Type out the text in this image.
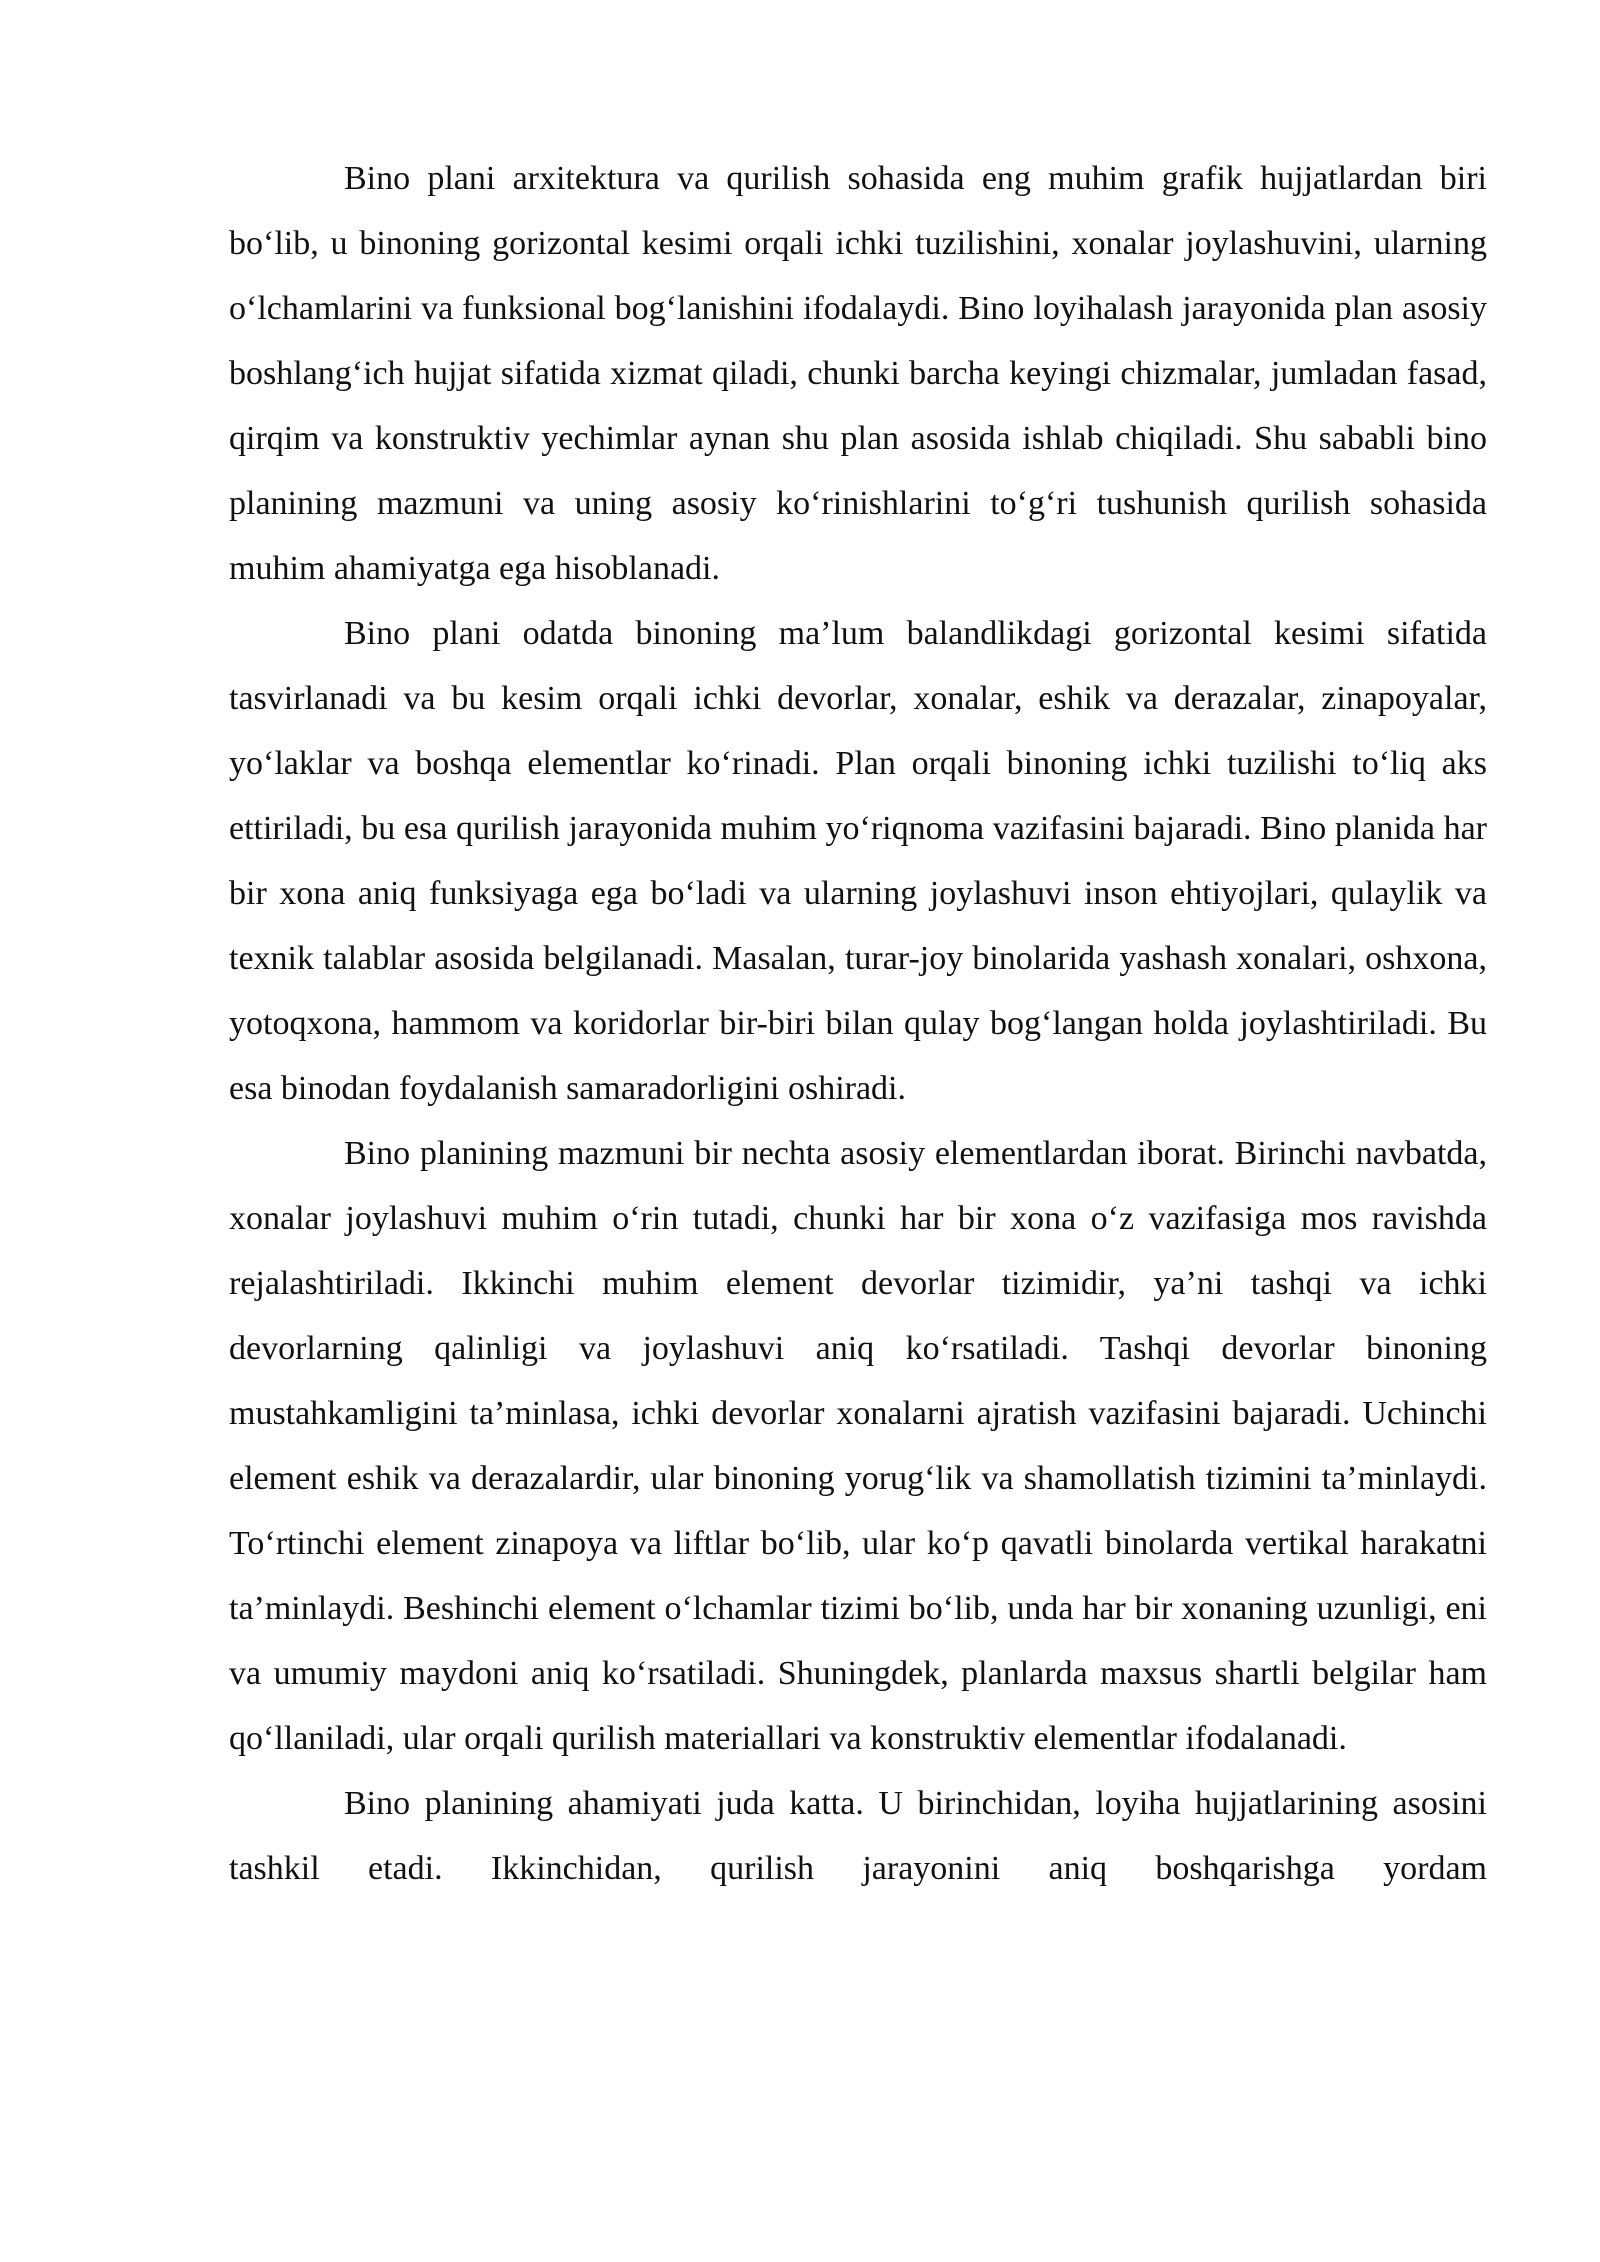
Bino plani arxitektura va qurilish sohasida eng muhim grafik hujjatlardan biri bo‘lib, u binoning gorizontal kesimi orqali ichki tuzilishini, xonalar joylashuvini, ularning o‘lchamlarini va funksional bog‘lanishini ifodalaydi. Bino loyihalash jarayonida plan asosiy boshlang‘ich hujjat sifatida xizmat qiladi, chunki barcha keyingi chizmalar, jumladan fasad, qirqim va konstruktiv yechimlar aynan shu plan asosida ishlab chiqiladi. Shu sababli bino planining mazmuni va uning asosiy ko‘rinishlarini to‘g‘ri tushunish qurilish sohasida muhim ahamiyatga ega hisoblanadi.

Bino plani odatda binoning ma’lum balandlikdagi gorizontal kesimi sifatida tasvirlanadi va bu kesim orqali ichki devorlar, xonalar, eshik va derazalar, zinapoyalar, yo‘laklar va boshqa elementlar ko‘rinadi. Plan orqali binoning ichki tuzilishi to‘liq aks ettiriladi, bu esa qurilish jarayonida muhim yo‘riqnoma vazifasini bajaradi. Bino planida har bir xona aniq funksiyaga ega bo‘ladi va ularning joylashuvi inson ehtiyojlari, qulaylik va texnik talablar asosida belgilanadi. Masalan, turar-joy binolarida yashash xonalari, oshxona, yotoqxona, hammom va koridorlar bir-biri bilan qulay bog‘langan holda joylashtiriladi. Bu esa binodan foydalanish samaradorligini oshiradi.

Bino planining mazmuni bir nechta asosiy elementlardan iborat. Birinchi navbatda, xonalar joylashuvi muhim o‘rin tutadi, chunki har bir xona o‘z vazifasiga mos ravishda rejalashtiriladi. Ikkinchi muhim element devorlar tizimidir, ya’ni tashqi va ichki devorlarning qalinligi va joylashuvi aniq ko‘rsatiladi. Tashqi devorlar binoning mustahkamligini ta’minlasa, ichki devorlar xonalarni ajratish vazifasini bajaradi. Uchinchi element eshik va derazalardir, ular binoning yorug‘lik va shamollatish tizimini ta’minlaydi. To‘rtinchi element zinapoya va liftlar bo‘lib, ular ko‘p qavatli binolarda vertikal harakatni ta’minlaydi. Beshinchi element o‘lchamlar tizimi bo‘lib, unda har bir xonaning uzunligi, eni va umumiy maydoni aniq ko‘rsatiladi. Shuningdek, planlarda maxsus shartli belgilar ham qo‘llaniladi, ular orqali qurilish materiallari va konstruktiv elementlar ifodalanadi.

Bino planining ahamiyati juda katta. U birinchidan, loyiha hujjatlarining asosini tashkil etadi. Ikkinchidan, qurilish jarayonini aniq boshqarishga yordam
